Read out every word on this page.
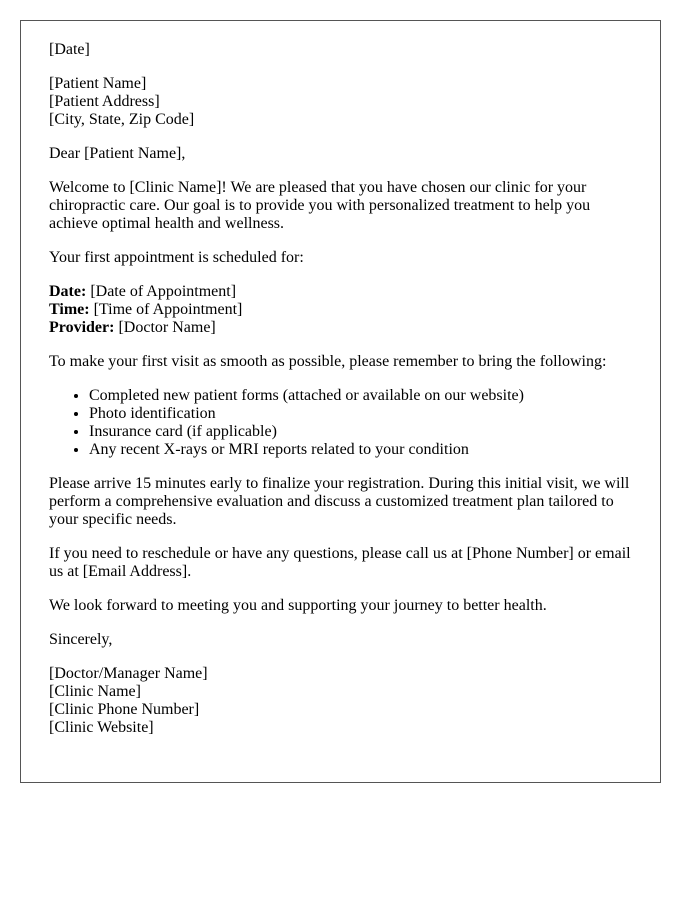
[Date]

[Patient Name]
[Patient Address]
[City, State, Zip Code]

Dear [Patient Name],

Welcome to [Clinic Name]! We are pleased that you have chosen our clinic for your chiropractic care. Our goal is to provide you with personalized treatment to help you achieve optimal health and wellness.

Your first appointment is scheduled for:

Date: [Date of Appointment]
Time: [Time of Appointment]
Provider: [Doctor Name]

To make your first visit as smooth as possible, please remember to bring the following:

• Completed new patient forms (attached or available on our website)
• Photo identification
• Insurance card (if applicable)
• Any recent X-rays or MRI reports related to your condition

Please arrive 15 minutes early to finalize your registration. During this initial visit, we will perform a comprehensive evaluation and discuss a customized treatment plan tailored to your specific needs.

If you need to reschedule or have any questions, please call us at [Phone Number] or email us at [Email Address].

We look forward to meeting you and supporting your journey to better health.

Sincerely,

[Doctor/Manager Name]
[Clinic Name]
[Clinic Phone Number]
[Clinic Website]
